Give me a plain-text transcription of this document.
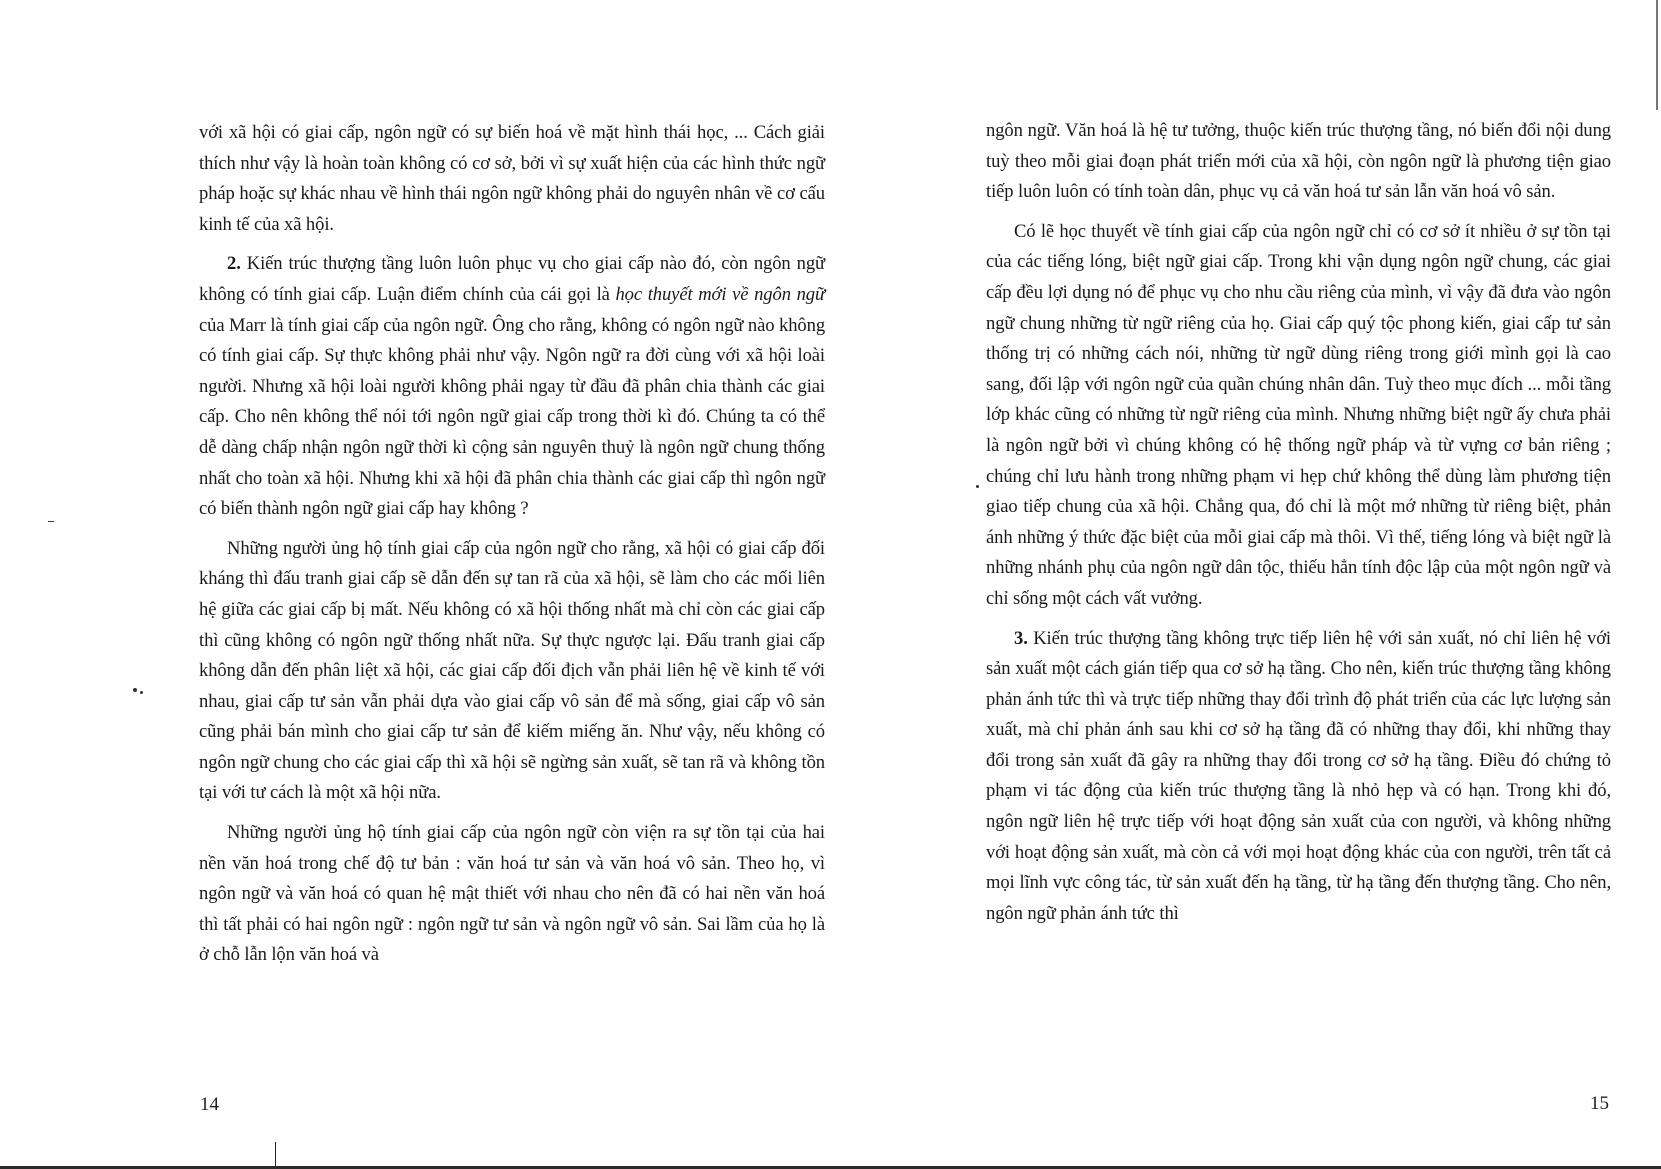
với xã hội có giai cấp, ngôn ngữ có sự biến hoá về mặt hình thái học, ... Cách giải thích như vậy là hoàn toàn không có cơ sở, bởi vì sự xuất hiện của các hình thức ngữ pháp hoặc sự khác nhau về hình thái ngôn ngữ không phải do nguyên nhân về cơ cấu kinh tế của xã hội.

2. Kiến trúc thượng tầng luôn luôn phục vụ cho giai cấp nào đó, còn ngôn ngữ không có tính giai cấp. Luận điểm chính của cái gọi là học thuyết mới về ngôn ngữ của Marr là tính giai cấp của ngôn ngữ. Ông cho rằng, không có ngôn ngữ nào không có tính giai cấp. Sự thực không phải như vậy. Ngôn ngữ ra đời cùng với xã hội loài người. Nhưng xã hội loài người không phải ngay từ đầu đã phân chia thành các giai cấp. Cho nên không thể nói tới ngôn ngữ giai cấp trong thời kì đó. Chúng ta có thể dễ dàng chấp nhận ngôn ngữ thời kì cộng sản nguyên thuỷ là ngôn ngữ chung thống nhất cho toàn xã hội. Nhưng khi xã hội đã phân chia thành các giai cấp thì ngôn ngữ có biến thành ngôn ngữ giai cấp hay không ?

Những người ủng hộ tính giai cấp của ngôn ngữ cho rằng, xã hội có giai cấp đối kháng thì đấu tranh giai cấp sẽ dẫn đến sự tan rã của xã hội, sẽ làm cho các mối liên hệ giữa các giai cấp bị mất. Nếu không có xã hội thống nhất mà chỉ còn các giai cấp thì cũng không có ngôn ngữ thống nhất nữa. Sự thực ngược lại. Đấu tranh giai cấp không dẫn đến phân liệt xã hội, các giai cấp đối địch vẫn phải liên hệ về kinh tế với nhau, giai cấp tư sản vẫn phải dựa vào giai cấp vô sản để mà sống, giai cấp vô sản cũng phải bán mình cho giai cấp tư sản để kiếm miếng ăn. Như vậy, nếu không có ngôn ngữ chung cho các giai cấp thì xã hội sẽ ngừng sản xuất, sẽ tan rã và không tồn tại với tư cách là một xã hội nữa.

Những người ủng hộ tính giai cấp của ngôn ngữ còn viện ra sự tồn tại của hai nền văn hoá trong chế độ tư bản : văn hoá tư sản và văn hoá vô sản. Theo họ, vì ngôn ngữ và văn hoá có quan hệ mật thiết với nhau cho nên đã có hai nền văn hoá thì tất phải có hai ngôn ngữ : ngôn ngữ tư sản và ngôn ngữ vô sản. Sai lầm của họ là ở chỗ lẫn lộn văn hoá và

14

ngôn ngữ. Văn hoá là hệ tư tưởng, thuộc kiến trúc thượng tầng, nó biến đổi nội dung tuỳ theo mỗi giai đoạn phát triển mới của xã hội, còn ngôn ngữ là phương tiện giao tiếp luôn luôn có tính toàn dân, phục vụ cả văn hoá tư sản lẫn văn hoá vô sản.

Có lẽ học thuyết về tính giai cấp của ngôn ngữ chỉ có cơ sở ít nhiều ở sự tồn tại của các tiếng lóng, biệt ngữ giai cấp. Trong khi vận dụng ngôn ngữ chung, các giai cấp đều lợi dụng nó để phục vụ cho nhu cầu riêng của mình, vì vậy đã đưa vào ngôn ngữ chung những từ ngữ riêng của họ. Giai cấp quý tộc phong kiến, giai cấp tư sản thống trị có những cách nói, những từ ngữ dùng riêng trong giới mình gọi là cao sang, đối lập với ngôn ngữ của quần chúng nhân dân. Tuỳ theo mục đích ... mỗi tầng lớp khác cũng có những từ ngữ riêng của mình. Nhưng những biệt ngữ ấy chưa phải là ngôn ngữ bởi vì chúng không có hệ thống ngữ pháp và từ vựng cơ bản riêng ; chúng chỉ lưu hành trong những phạm vi hẹp chứ không thể dùng làm phương tiện giao tiếp chung của xã hội. Chẳng qua, đó chỉ là một mớ những từ riêng biệt, phản ánh những ý thức đặc biệt của mỗi giai cấp mà thôi. Vì thế, tiếng lóng và biệt ngữ là những nhánh phụ của ngôn ngữ dân tộc, thiếu hẳn tính độc lập của một ngôn ngữ và chỉ sống một cách vất vưởng.

3. Kiến trúc thượng tầng không trực tiếp liên hệ với sản xuất, nó chỉ liên hệ với sản xuất một cách gián tiếp qua cơ sở hạ tầng. Cho nên, kiến trúc thượng tầng không phản ánh tức thì và trực tiếp những thay đổi trình độ phát triển của các lực lượng sản xuất, mà chỉ phản ánh sau khi cơ sở hạ tầng đã có những thay đổi, khi những thay đổi trong sản xuất đã gây ra những thay đổi trong cơ sở hạ tầng. Điều đó chứng tỏ phạm vi tác động của kiến trúc thượng tầng là nhỏ hẹp và có hạn. Trong khi đó, ngôn ngữ liên hệ trực tiếp với hoạt động sản xuất của con người, và không những với hoạt động sản xuất, mà còn cả với mọi hoạt động khác của con người, trên tất cả mọi lĩnh vực công tác, từ sản xuất đến hạ tầng, từ hạ tầng đến thượng tầng. Cho nên, ngôn ngữ phản ánh tức thì

15
